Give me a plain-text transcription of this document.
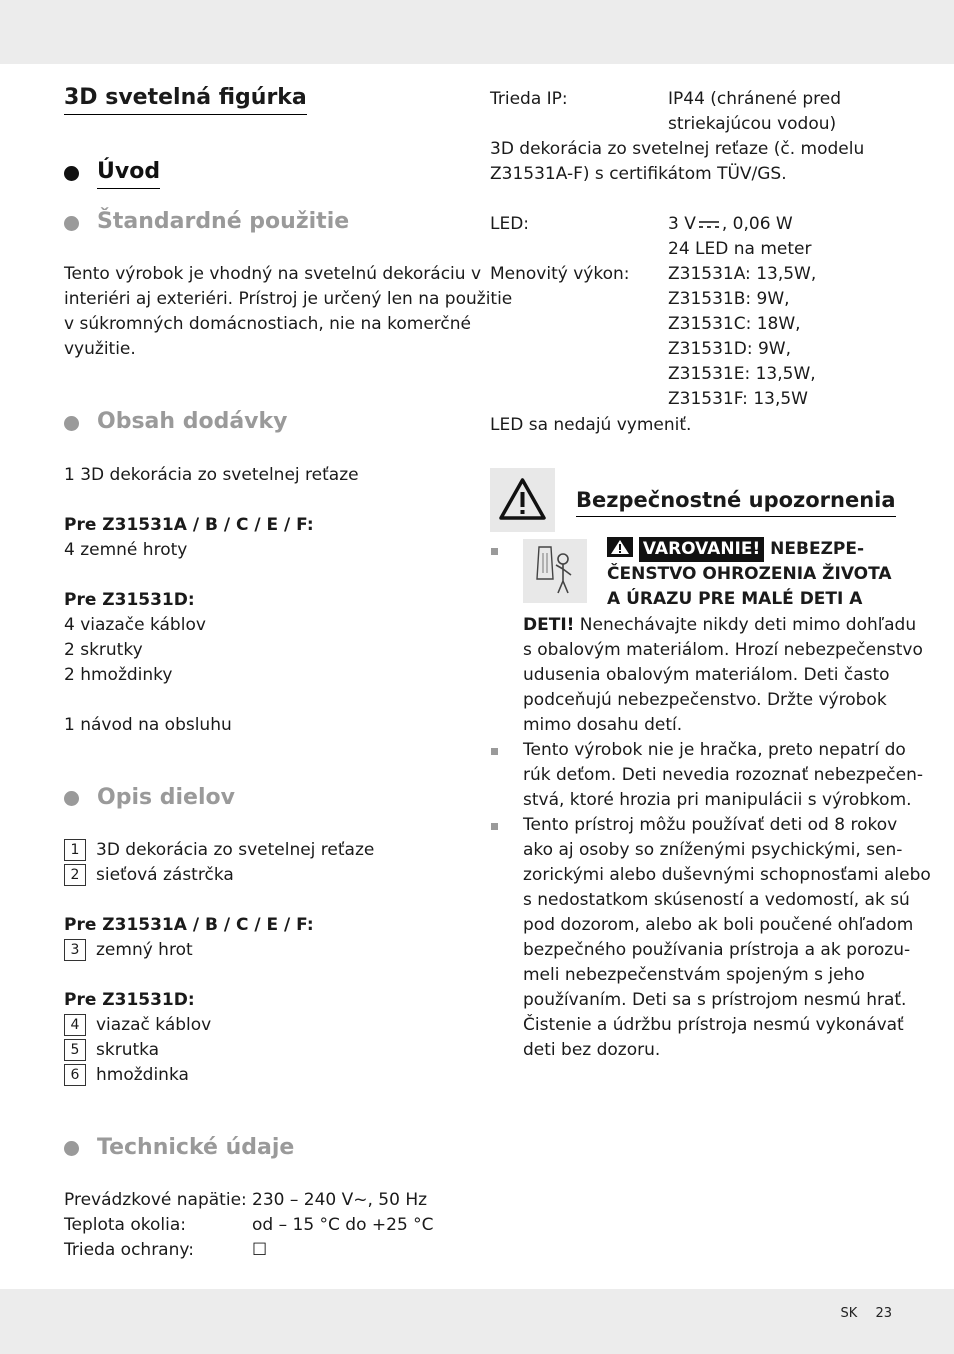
3D svetelná figúrka
Úvod
Štandardné použitie
Tento výrobok je vhodný na svetelnú dekoráciu v
interiéri aj exteriéri. Prístroj je určený len na použitie
v súkromných domácnostiach, nie na komerčné
využitie.
Obsah dodávky
1 3D dekorácia zo svetelnej reťaze
Pre Z31531A / B / C / E / F:
4 zemné hroty
Pre Z31531D:
4 viazače káblov
2 skrutky
2 hmoždinky
1 návod na obsluhu
Opis dielov
1 3D dekorácia zo svetelnej reťaze
2 sieťová zástrčka
Pre Z31531A / B / C / E / F:
3 zemný hrot
Pre Z31531D:
4 viazač káblov
5 skrutka
6 hmoždinka
Technické údaje
Prevádzkové napätie: 230 – 240 V~, 50 Hz
Teplota okolia:	od – 15 °C do +25 °C
Trieda ochrany:	☐
Trieda IP:	IP44 (chránené pred
striekajúcou vodou)
3D dekorácia zo svetelnej reťaze (č. modelu
Z31531A-F) s certifikátom TÜV/GS.
LED:	3 V , 0,06 W
24 LED na meter
Menovitý výkon: Z31531A: 13,5W,
Z31531B: 9W,
Z31531C: 18W,
Z31531D: 9W,
Z31531E: 13,5W,
Z31531F: 13,5W
LED sa nedajú vymeniť.
Bezpečnostné upozornenia
VAROVANIE! NEBEZPE-
ČENSTVO OHROZENIA ŽIVOTA
A ÚRAZU PRE MALÉ DETI A
DETI! Nenechávajte nikdy deti mimo dohľadu
s obalovým materiálom. Hrozí nebezpečenstvo
udusenia obalovým materiálom. Deti často
podceňujú nebezpečenstvo. Držte výrobok
mimo dosahu detí.
Tento výrobok nie je hračka, preto nepatrí do
rúk deťom. Deti nevedia rozoznať nebezpečen-
stvá, ktoré hrozia pri manipulácii s výrobkom.
Tento prístroj môžu používať deti od 8 rokov
ako aj osoby so zníženými psychickými, sen-
zorickými alebo duševnými schopnosťami alebo
s nedostatkom skúseností a vedomostí, ak sú
pod dozorom, alebo ak boli poučené ohľadom
bezpečného používania prístroja a ak porozu-
meli nebezpečenstvám spojeným s jeho
používaním. Deti sa s prístrojom nesmú hrať.
Čistenie a údržbu prístroja nesmú vykonávať
deti bez dozoru.
SK 23
